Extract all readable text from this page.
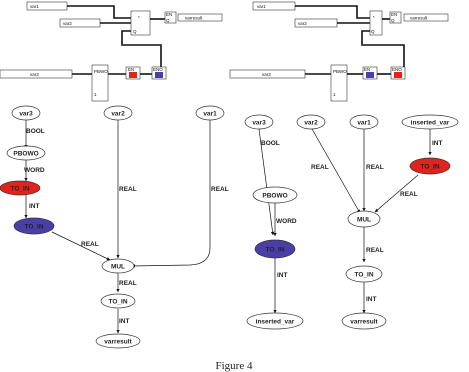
var1
var2
*
Q
EN
Q	varresult
var3
PBWO
1
EN	ENO
BOOL
WORD
INT
REAL
REAL	REAL
REAL
INT
var3	var2	var1
PBOWO
TO_IN
TO_IN
MUL
TO_IN
varresult
var1
var2
*
Q
EN
Q	varresult
var3
PBWO
1
EN	ENO
BOOL
WORD
INT
REAL	REAL
INT
REAL
REAL
INT
var3	var2	var1	inserted_var
TO_IN
PBOWO
TO_IN
MUL
TO_IN
inserted_var	varresult
Figure 4
